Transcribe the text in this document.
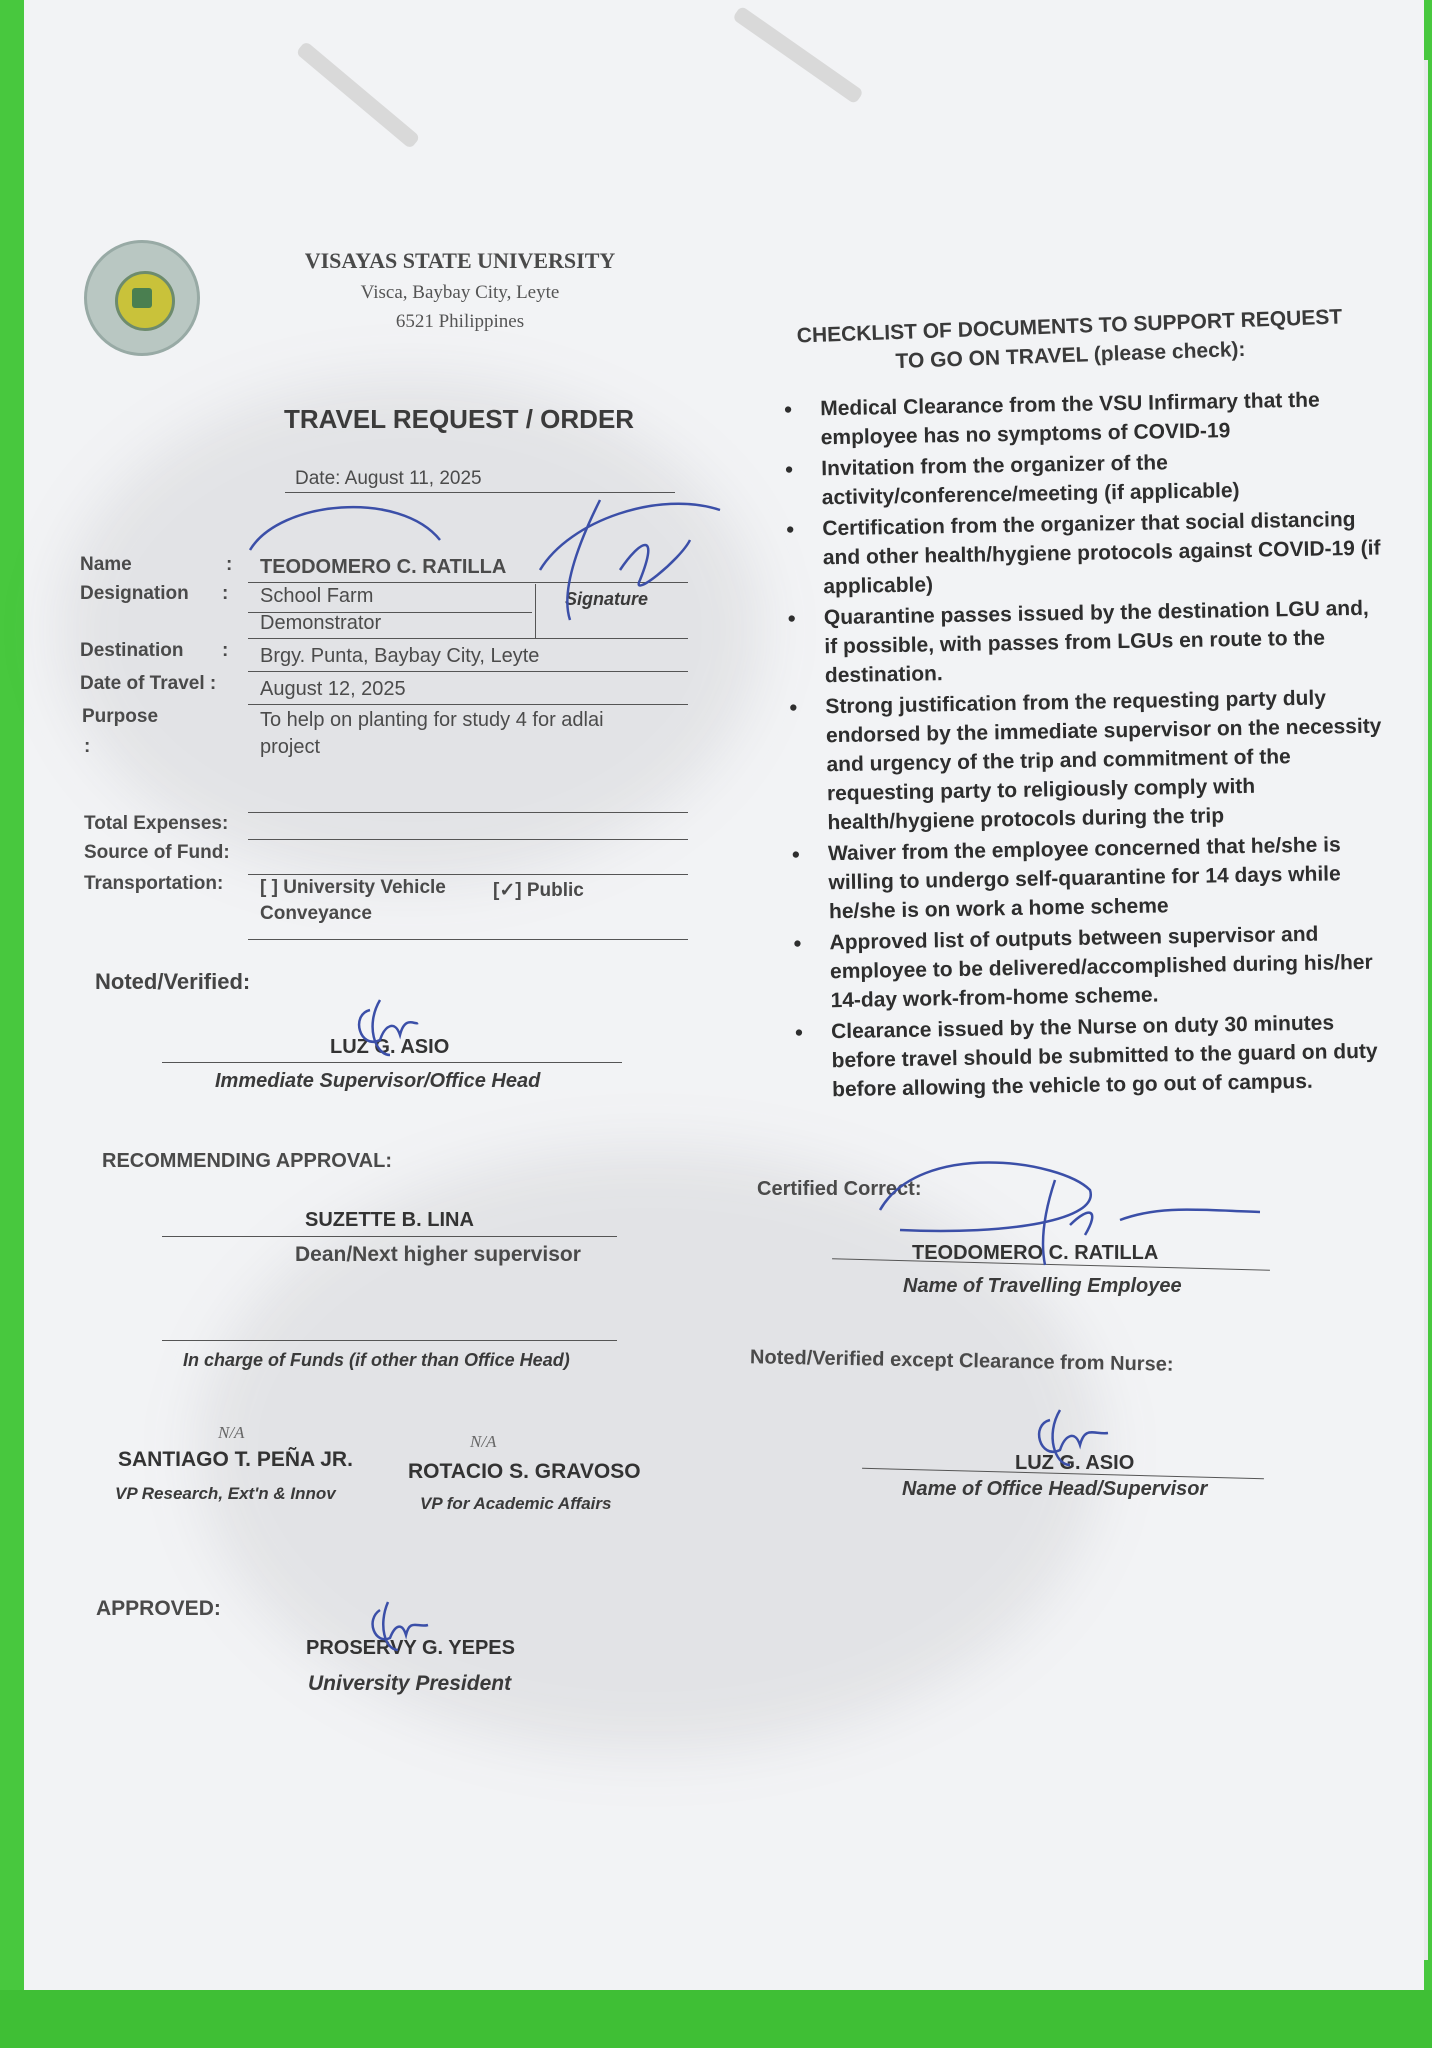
VISAYAS STATE UNIVERSITY
Visca, Baybay City, Leyte
6521 Philippines
TRAVEL REQUEST / ORDER
Date: August 11, 2025
Name	: TEODOMERO C. RATILLA
Designation : School Farm
Demonstrator
Signature
Destination : Brgy. Punta, Baybay City, Leyte
Date of Travel : August 12, 2025
Purpose
:
To help on planting for study 4 for adlai
project
Total Expenses:
Source of Fund:
Transportation: [ ] University Vehicle [✓] Public
Conveyance
Noted/Verified:
LUZ G. ASIO
Immediate Supervisor/Office Head
RECOMMENDING APPROVAL:
SUZETTE B. LINA
Dean/Next higher supervisor
In charge of Funds (if other than Office Head)
N/A
SANTIAGO T. PEÑA JR.
VP Research, Ext'n & Innov
N/A
ROTACIO S. GRAVOSO
VP for Academic Affairs
APPROVED:
PROSERVY G. YEPES
University President
CHECKLIST OF DOCUMENTS TO SUPPORT REQUEST
TO GO ON TRAVEL (please check):
• Medical Clearance from the VSU Infirmary that the employee has no symptoms of COVID-19
• Invitation from the organizer of the activity/conference/meeting (if applicable)
• Certification from the organizer that social distancing and other health/hygiene protocols against COVID-19 (if applicable)
• Quarantine passes issued by the destination LGU and, if possible, with passes from LGUs en route to the destination.
• Strong justification from the requesting party duly endorsed by the immediate supervisor on the necessity and urgency of the trip and commitment of the requesting party to religiously comply with health/hygiene protocols during the trip
• Waiver from the employee concerned that he/she is willing to undergo self-quarantine for 14 days while he/she is on work a home scheme
• Approved list of outputs between supervisor and employee to be delivered/accomplished during his/her 14-day work-from-home scheme.
• Clearance issued by the Nurse on duty 30 minutes before travel should be submitted to the guard on duty before allowing the vehicle to go out of campus.
Certified Correct:
TEODOMERO C. RATILLA
Name of Travelling Employee
Noted/Verified except Clearance from Nurse:
LUZ G. ASIO
Name of Office Head/Supervisor
